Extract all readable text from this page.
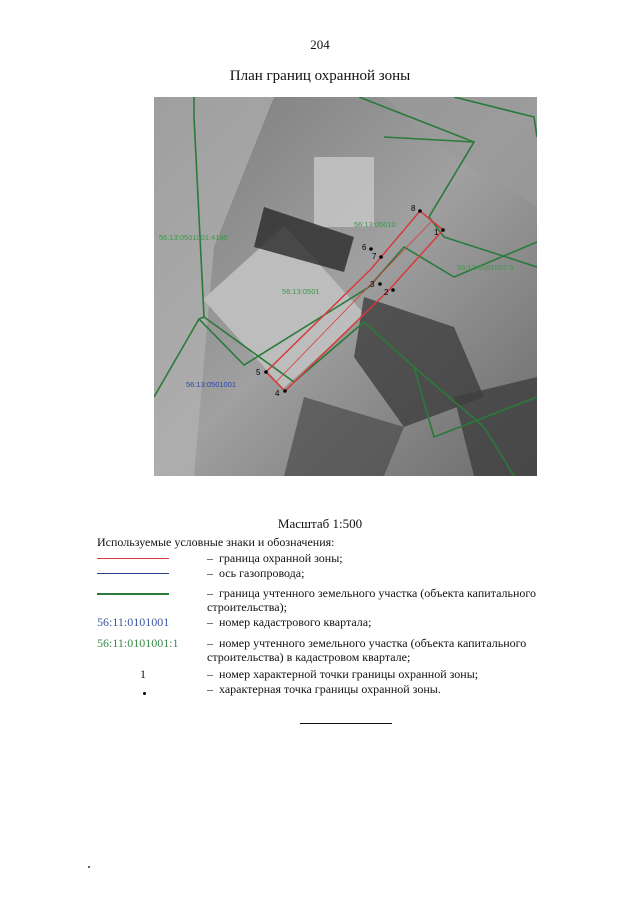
204
План границ охранной зоны
1
2
3
4
5
6
7
8
56:13:0501001:4195
56:13:05010
56:13:0501001:5
56:13:0501
56:13:0501001
Масштаб 1:500
Используемые условные знаки и обозначения:
– граница охранной зоны;
– ось газопровода;
– граница учтенного земельного участка (объекта капитального строительства);
56:11:0101001	– номер кадастрового квартала;
56:11:0101001:1	– номер учтенного земельного участка (объекта капитального строительства) в кадастровом квартале;
1	– номер характерной точки границы охранной зоны;
– характерная точка границы охранной зоны.
